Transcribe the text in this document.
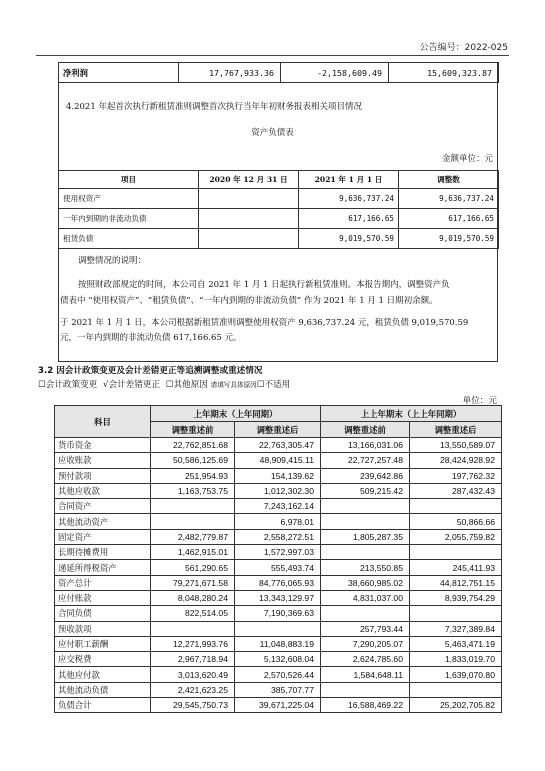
公告编号：2022-025
净利润	17,767,933.36	-2,158,609.49	15,609,323.87
4.2021 年起首次执行新租赁准则调整首次执行当年年初财务报表相关项目情况
资产负债表
金额单位：元
项目	2020 年 12 月 31 日	2021 年 1 月 1 日	调整数
使用权资产		9,636,737.24	9,636,737.24
一年内到期的非流动负债		617,166.65	617,166.65
租赁负债		9,019,570.59	9,019,570.59
调整情况的说明：
按照财政部规定的时间，本公司自 2021 年 1 月 1 日起执行新租赁准则。本报告期内，调整资产负
债表中 “使用权资产”、“租赁负债”、“一年内到期的非流动负债” 作为 2021 年 1 月 1 日期初余额。
于 2021 年 1 月 1 日，本公司根据新租赁准则调整使用权资产 9,636,737.24 元，租赁负债 9,019,570.59
元，一年内到期的非流动负债 617,166.65 元。
3.2 因会计政策变更及会计差错更正等追溯调整或重述情况
☐会计政策变更 √会计差错更正 ☐其他原因 请填写具体原因☐不适用
单位：元
科目	上年期末（上年同期）		上上年期末（上上年同期）	
	调整重述前	调整重述后	调整重述前	调整重述后
货币资金	22,762,851.68	22,763,305.47	13,166,031.06	13,550,589.07
应收账款	50,586,125.69	48,909,415.11	22,727,257.48	28,424,928.92
预付款项	251,954.93	154,139.62	239,642.86	197,762.32
其他应收款	1,163,753.75	1,012,302.30	509,215.42	287,432.43
合同资产		7,243,162.14		
其他流动资产		6,978.01		50,866.66
固定资产	2,482,779.87	2,558,272.51	1,805,287.35	2,055,759.82
长期待摊费用	1,462,915.01	1,572,997.03		
递延所得税资产	561,290.65	555,493.74	213,550.85	245,411.93
资产总计	79,271,671.58	84,776,065.93	38,660,985.02	44,812,751.15
应付账款	8,048,280.24	13,343,129.97	4,831,037.00	8,939,754.29
合同负债	822,514.05	7,190,369.63		
预收款项			257,793.44	7,327,389.84
应付职工薪酬	12,271,993.76	11,048,883.19	7,290,205.07	5,463,471.19
应交税费	2,967,718.94	5,132,608.04	2,624,785.60	1,833,019.70
其他应付款	3,013,620.49	2,570,526.44	1,584,648.11	1,639,070.80
其他流动负债	2,421,623.25	385,707.77		
负债合计	29,545,750.73	39,671,225.04	16,588,469.22	25,202,705.82
